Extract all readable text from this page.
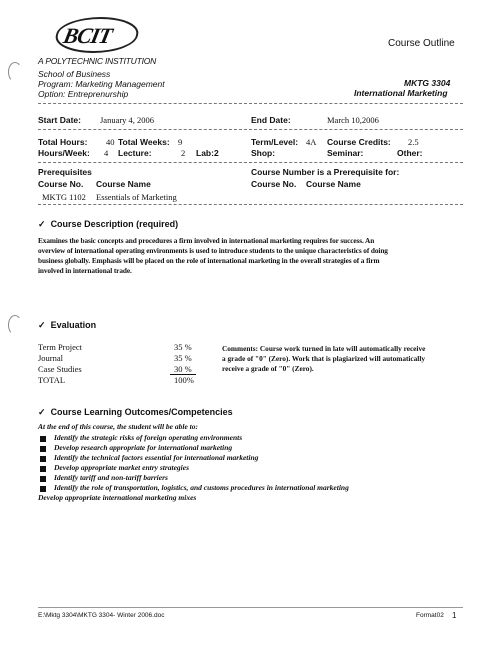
BCIT	Course Outline
A POLYTECHNIC INSTITUTION
School of Business
Program: Marketing Management
Option: Entreprenurship
MKTG 3304
International Marketing
Start Date: January 4, 2006	End Date:	March 10,2006
Total Hours: 40 Total Weeks: 9
Hours/Week: 4 Lecture:	2 Lab:2
Term/Level: 4A Course Credits: 2.5
Shop:	Seminar:	Other:
Prerequisites	Course Number is a Prerequisite for:
Course No. Course Name	Course No. Course Name
MKTG 1102 Essentials of Marketing
✓ Course Description (required)
Examines the basic concepts and procedures a firm involved in international marketing requires for success. An
overview of international operating environments is used to introduce students to the unique characteristics of doing
business globally. Emphasis will be placed on the role of international marketing in the overall strategies of a firm
involved in international trade.
✓ Evaluation
Term Project	35 %
Journal	35 %
Case Studies	30 %
TOTAL	100%
Comments: Course work turned in late will automatically receive
a grade of "0" (Zero). Work that is plagiarized will automatically
receive a grade of "0" (Zero).
✓ Course Learning Outcomes/Competencies
At the end of this course, the student will be able to:
Identify the strategic risks of foreign operating environments
Develop research appropriate for international marketing
Identify the technical factors essential for international marketing
Develop appropriate market entry strategies
Identify tariff and non-tariff barriers
Identify the role of transportation, logistics, and customs procedures in international marketing
Develop appropriate international marketing mixes
E:\Mktg 3304\MKTG 3304- Winter 2006.doc	Format02 1
